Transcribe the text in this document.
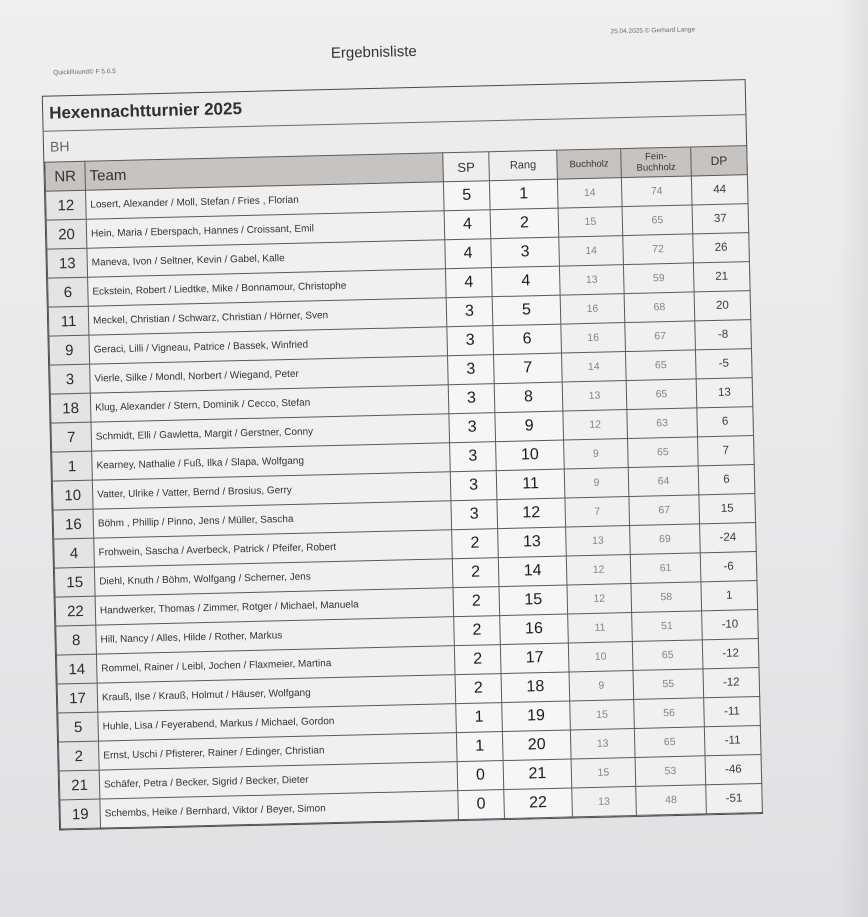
QuickRound© F 5.6.5
Ergebnisliste
25.04.2025 © Gerhard Lange
Hexennachtturnier 2025
BH
NR	Team	SP	Rang	Buchholz	Fein-
Buchholz	DP
12	Losert, Alexander / Moll, Stefan / Fries , Florian	5	1	14	74	44
20	Hein, Maria / Eberspach, Hannes / Croissant, Emil	4	2	15	65	37
13	Maneva, Ivon / Seltner, Kevin / Gabel, Kalle	4	3	14	72	26
6	Eckstein, Robert / Liedtke, Mike / Bonnamour, Christophe	4	4	13	59	21
11	Meckel, Christian / Schwarz, Christian / Hörner, Sven	3	5	16	68	20
9	Geraci, Lilli / Vigneau, Patrice / Bassek, Winfried	3	6	16	67	-8
3	Vierle, Silke / Mondl, Norbert / Wiegand, Peter	3	7	14	65	-5
18	Klug, Alexander / Stern, Dominik / Cecco, Stefan	3	8	13	65	13
7	Schmidt, Elli / Gawletta, Margit / Gerstner, Conny	3	9	12	63	6
1	Kearney, Nathalie / Fuß, Ilka / Slapa, Wolfgang	3	10	9	65	7
10	Vatter, Ulrike / Vatter, Bernd / Brosius, Gerry	3	11	9	64	6
16	Böhm , Phillip / Pinno, Jens / Müller, Sascha	3	12	7	67	15
4	Frohwein, Sascha / Averbeck, Patrick / Pfeifer, Robert	2	13	13	69	-24
15	Diehl, Knuth / Böhm, Wolfgang / Scherner, Jens	2	14	12	61	-6
22	Handwerker, Thomas / Zimmer, Rotger / Michael, Manuela	2	15	12	58	1
8	Hill, Nancy / Alles, Hilde / Rother, Markus	2	16	11	51	-10
14	Rommel, Rainer / Leibl, Jochen / Flaxmeier, Martina	2	17	10	65	-12
17	Krauß, Ilse / Krauß, Holmut / Häuser, Wolfgang	2	18	9	55	-12
5	Huhle, Lisa / Feyerabend, Markus / Michael, Gordon	1	19	15	56	-11
2	Ernst, Uschi / Pfisterer, Rainer / Edinger, Christian	1	20	13	65	-11
21	Schäfer, Petra / Becker, Sigrid / Becker, Dieter	0	21	15	53	-46
19	Schembs, Heike / Bernhard, Viktor / Beyer, Simon	0	22	13	48	-51
